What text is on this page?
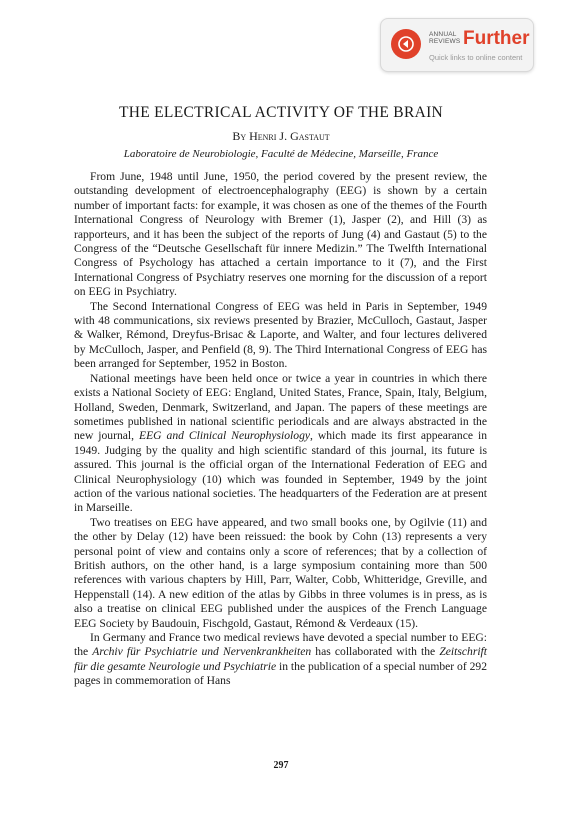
ANNUAL
REVIEWS Further
Quick links to online content
THE ELECTRICAL ACTIVITY OF THE BRAIN
By Henri J. Gastaut
Laboratoire de Neurobiologie, Faculté de Médecine, Marseille, France

From June, 1948 until June, 1950, the period covered by the present review, the outstanding development of electroencephalography (EEG) is shown by a certain number of important facts: for example, it was chosen as one of the themes of the Fourth International Congress of Neurology with Bremer (1), Jasper (2), and Hill (3) as rapporteurs, and it has been the subject of the reports of Jung (4) and Gastaut (5) to the Congress of the “Deutsche Gesellschaft für innere Medizin.” The Twelfth International Congress of Psychology has attached a certain importance to it (7), and the First International Congress of Psychiatry reserves one morning for the discussion of a report on EEG in Psychiatry.

The Second International Congress of EEG was held in Paris in September, 1949 with 48 communications, six reviews presented by Brazier, McCulloch, Gastaut, Jasper & Walker, Rémond, Dreyfus-Brisac & Laporte, and Walter, and four lectures delivered by McCulloch, Jasper, and Penfield (8, 9). The Third International Congress of EEG has been arranged for September, 1952 in Boston.

National meetings have been held once or twice a year in countries in which there exists a National Society of EEG: England, United States, France, Spain, Italy, Belgium, Holland, Sweden, Denmark, Switzerland, and Japan. The papers of these meetings are sometimes published in national scientific periodicals and are always abstracted in the new journal, EEG and Clinical Neurophysiology, which made its first appearance in 1949. Judging by the quality and high scientific standard of this journal, its future is assured. This journal is the official organ of the International Federation of EEG and Clinical Neurophysiology (10) which was founded in September, 1949 by the joint action of the various national societies. The headquarters of the Federation are at present in Marseille.

Two treatises on EEG have appeared, and two small books one, by Ogilvie (11) and the other by Delay (12) have been reissued: the book by Cohn (13) represents a very personal point of view and contains only a score of references; that by a collection of British authors, on the other hand, is a large symposium containing more than 500 references with various chapters by Hill, Parr, Walter, Cobb, Whitteridge, Greville, and Heppenstall (14). A new edition of the atlas by Gibbs in three volumes is in press, as is also a treatise on clinical EEG published under the auspices of the French Language EEG Society by Baudouin, Fischgold, Gastaut, Rémond & Verdeaux (15).

In Germany and France two medical reviews have devoted a special number to EEG: the Archiv für Psychiatrie und Nervenkrankheiten has collaborated with the Zeitschrift für die gesamte Neurologie und Psychiatrie in the publication of a special number of 292 pages in commemoration of Hans

297
